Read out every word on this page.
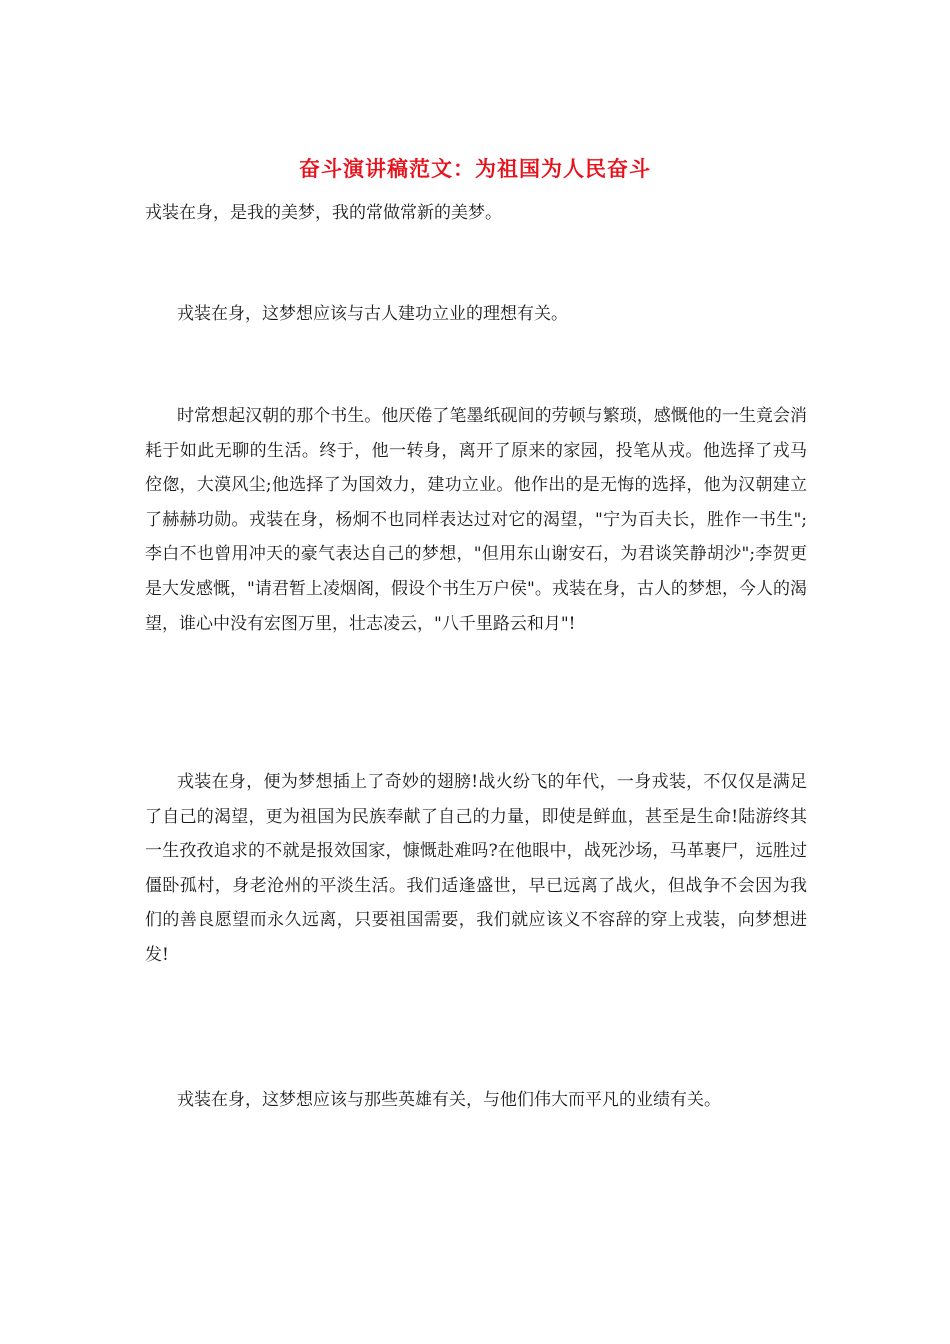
奋斗演讲稿范文：为祖国为人民奋斗

戎装在身，是我的美梦，我的常做常新的美梦。

戎装在身，这梦想应该与古人建功立业的理想有关。

时常想起汉朝的那个书生。他厌倦了笔墨纸砚间的劳顿与繁琐，感慨他的一生竟会消耗于如此无聊的生活。终于，他一转身，离开了原来的家园，投笔从戎。他选择了戎马倥偬，大漠风尘;他选择了为国效力，建功立业。他作出的是无悔的选择，他为汉朝建立了赫赫功勋。戎装在身，杨炯不也同样表达过对它的渴望，"宁为百夫长，胜作一书生";李白不也曾用冲天的豪气表达自己的梦想，"但用东山谢安石，为君谈笑静胡沙";李贺更是大发感慨，"请君暂上凌烟阁，假设个书生万户侯"。戎装在身，古人的梦想，今人的渴望，谁心中没有宏图万里，壮志凌云，"八千里路云和月"!

戎装在身，便为梦想插上了奇妙的翅膀!战火纷飞的年代，一身戎装，不仅仅是满足了自己的渴望，更为祖国为民族奉献了自己的力量，即使是鲜血，甚至是生命!陆游终其一生孜孜追求的不就是报效国家，慷慨赴难吗?在他眼中，战死沙场，马革裹尸，远胜过僵卧孤村，身老沧州的平淡生活。我们适逢盛世，早已远离了战火，但战争不会因为我们的善良愿望而永久远离，只要祖国需要，我们就应该义不容辞的穿上戎装，向梦想进发!

戎装在身，这梦想应该与那些英雄有关，与他们伟大而平凡的业绩有关。
